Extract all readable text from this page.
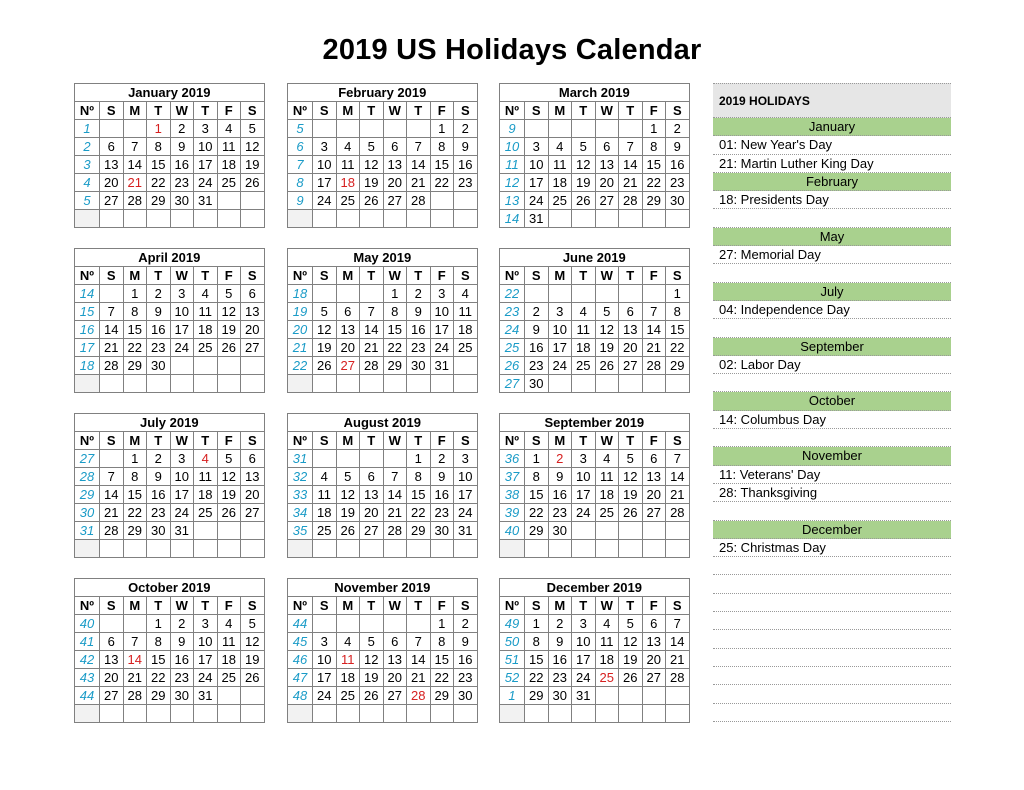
2019 US Holidays Calendar
January 2019							
Nº	S	M	T	W	T	F	S
1			1	2	3	4	5
2	6	7	8	9	10	11	12
3	13	14	15	16	17	18	19
4	20	21	22	23	24	25	26
5	27	28	29	30	31		

February 2019							
Nº	S	M	T	W	T	F	S
5						1	2
6	3	4	5	6	7	8	9
7	10	11	12	13	14	15	16
8	17	18	19	20	21	22	23
9	24	25	26	27	28		

March 2019							
Nº	S	M	T	W	T	F	S
9						1	2
10	3	4	5	6	7	8	9
11	10	11	12	13	14	15	16
12	17	18	19	20	21	22	23
13	24	25	26	27	28	29	30
14	31						
April 2019							
Nº	S	M	T	W	T	F	S
14		1	2	3	4	5	6
15	7	8	9	10	11	12	13
16	14	15	16	17	18	19	20
17	21	22	23	24	25	26	27
18	28	29	30				

May 2019							
Nº	S	M	T	W	T	F	S
18				1	2	3	4
19	5	6	7	8	9	10	11
20	12	13	14	15	16	17	18
21	19	20	21	22	23	24	25
22	26	27	28	29	30	31	

June 2019							
Nº	S	M	T	W	T	F	S
22							1
23	2	3	4	5	6	7	8
24	9	10	11	12	13	14	15
25	16	17	18	19	20	21	22
26	23	24	25	26	27	28	29
27	30						
July 2019							
Nº	S	M	T	W	T	F	S
27		1	2	3	4	5	6
28	7	8	9	10	11	12	13
29	14	15	16	17	18	19	20
30	21	22	23	24	25	26	27
31	28	29	30	31			

August 2019							
Nº	S	M	T	W	T	F	S
31					1	2	3
32	4	5	6	7	8	9	10
33	11	12	13	14	15	16	17
34	18	19	20	21	22	23	24
35	25	26	27	28	29	30	31

September 2019							
Nº	S	M	T	W	T	F	S
36	1	2	3	4	5	6	7
37	8	9	10	11	12	13	14
38	15	16	17	18	19	20	21
39	22	23	24	25	26	27	28
40	29	30					

October 2019							
Nº	S	M	T	W	T	F	S
40			1	2	3	4	5
41	6	7	8	9	10	11	12
42	13	14	15	16	17	18	19
43	20	21	22	23	24	25	26
44	27	28	29	30	31		

November 2019							
Nº	S	M	T	W	T	F	S
44						1	2
45	3	4	5	6	7	8	9
46	10	11	12	13	14	15	16
47	17	18	19	20	21	22	23
48	24	25	26	27	28	29	30

December 2019							
Nº	S	M	T	W	T	F	S
49	1	2	3	4	5	6	7
50	8	9	10	11	12	13	14
51	15	16	17	18	19	20	21
52	22	23	24	25	26	27	28
1	29	30	31				

2019 HOLIDAYS
January
01: New Year's Day
21: Martin Luther King Day
February
18: Presidents Day
May
27: Memorial Day
July
04: Independence Day
September
02: Labor Day
October
14: Columbus Day
November
11: Veterans' Day
28: Thanksgiving
December
25: Christmas Day
